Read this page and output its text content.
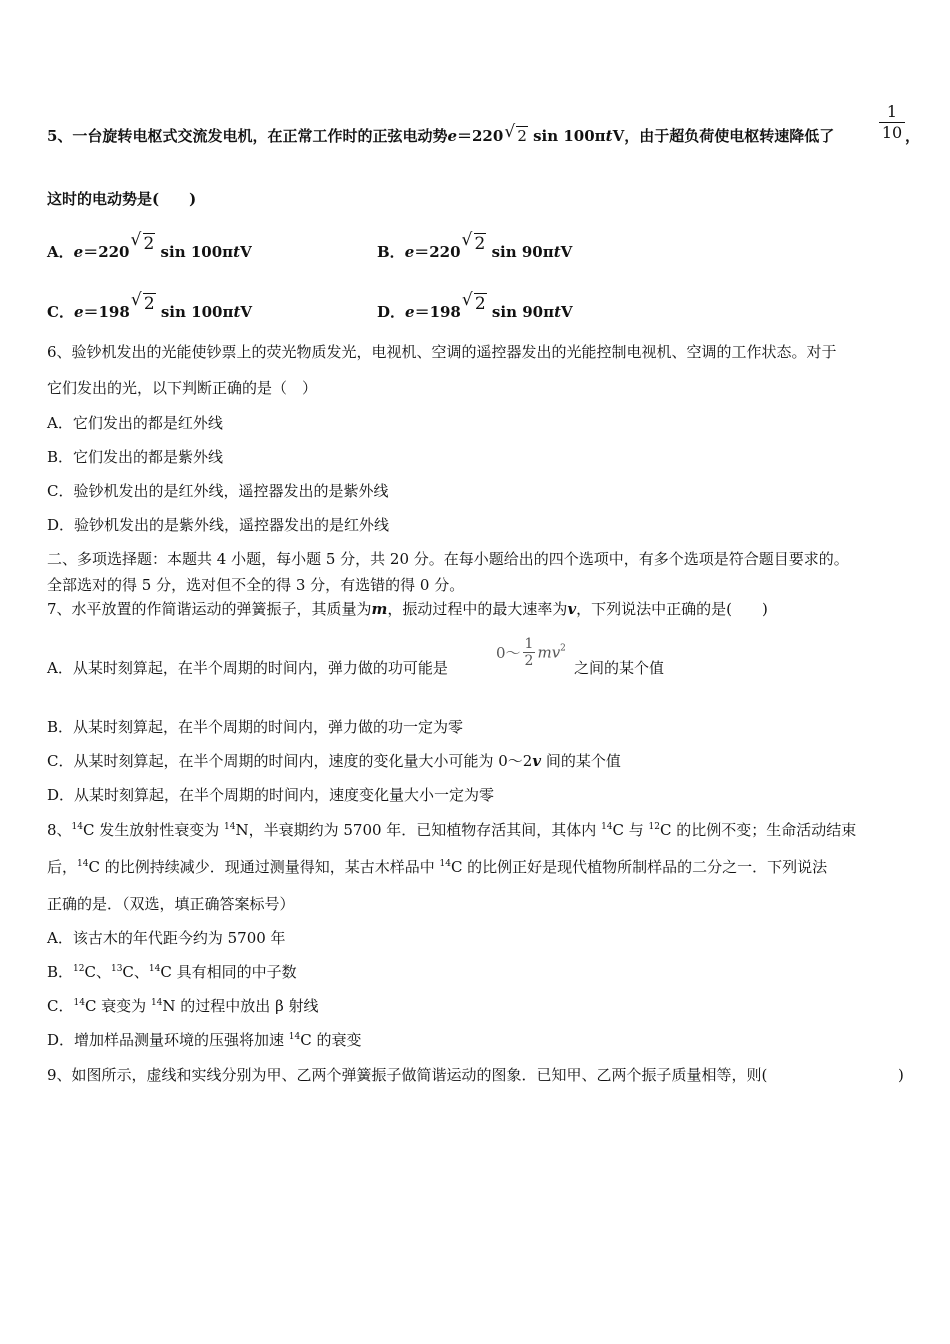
5、一台旋转电枢式交流发电机，在正常工作时的正弦电动势e＝220 √ 2 sin 100πtV，由于超负荷使电枢转速降低了
1
10 ，
这时的电动势是(　　)
A．e＝220 √ 2 sin 100πtV	B．e＝220 √ 2 sin 90πtV
C．e＝198 √ 2 sin 100πtV	D．e＝198 √ 2 sin 90πtV
6、验钞机发出的光能使钞票上的荧光物质发光，电视机、空调的遥控器发出的光能控制电视机、空调的工作状态。对于
它们发出的光，以下判断正确的是（　）
A．它们发出的都是红外线
B．它们发出的都是紫外线
C．验钞机发出的是红外线，遥控器发出的是紫外线
D．验钞机发出的是紫外线，遥控器发出的是红外线
二、多项选择题：本题共 4 小题，每小题 5 分，共 20 分。在每小题给出的四个选项中，有多个选项是符合题目要求的。
全部选对的得 5 分，选对但不全的得 3 分，有选错的得 0 分。
7、水平放置的作简谐运动的弹簧振子，其质量为m，振动过程中的最大速率为v，下列说法中正确的是(　　)
A．从某时刻算起，在半个周期的时间内，弹力做的功可能是
0～ $\frac{1}{2} mv^2$
之间的某个值
B．从某时刻算起，在半个周期的时间内，弹力做的功一定为零
C．从某时刻算起，在半个周期的时间内，速度的变化量大小可能为 0～2v 间的某个值
D．从某时刻算起，在半个周期的时间内，速度变化量大小一定为零
8、$^{14}$C 发生放射性衰变为 $^{14}$N，半衰期约为 5700 年．已知植物存活其间，其体内 $^{14}$C 与 $^{12}$C 的比例不变；生命活动结束
后，$^{14}$C 的比例持续减少．现通过测量得知，某古木样品中 $^{14}$C 的比例正好是现代植物所制样品的二分之一．下列说法
正确的是．（双选，填正确答案标号）
A．该古木的年代距今约为 5700 年
B．$^{12}$C、$^{13}$C、$^{14}$C 具有相同的中子数
C．$^{14}$C 衰变为 $^{14}$N 的过程中放出 β 射线
D．增加样品测量环境的压强将加速 $^{14}$C 的衰变
9、如图所示，虚线和实线分别为甲、乙两个弹簧振子做简谐运动的图象．已知甲、乙两个振子质量相等，则(	)
